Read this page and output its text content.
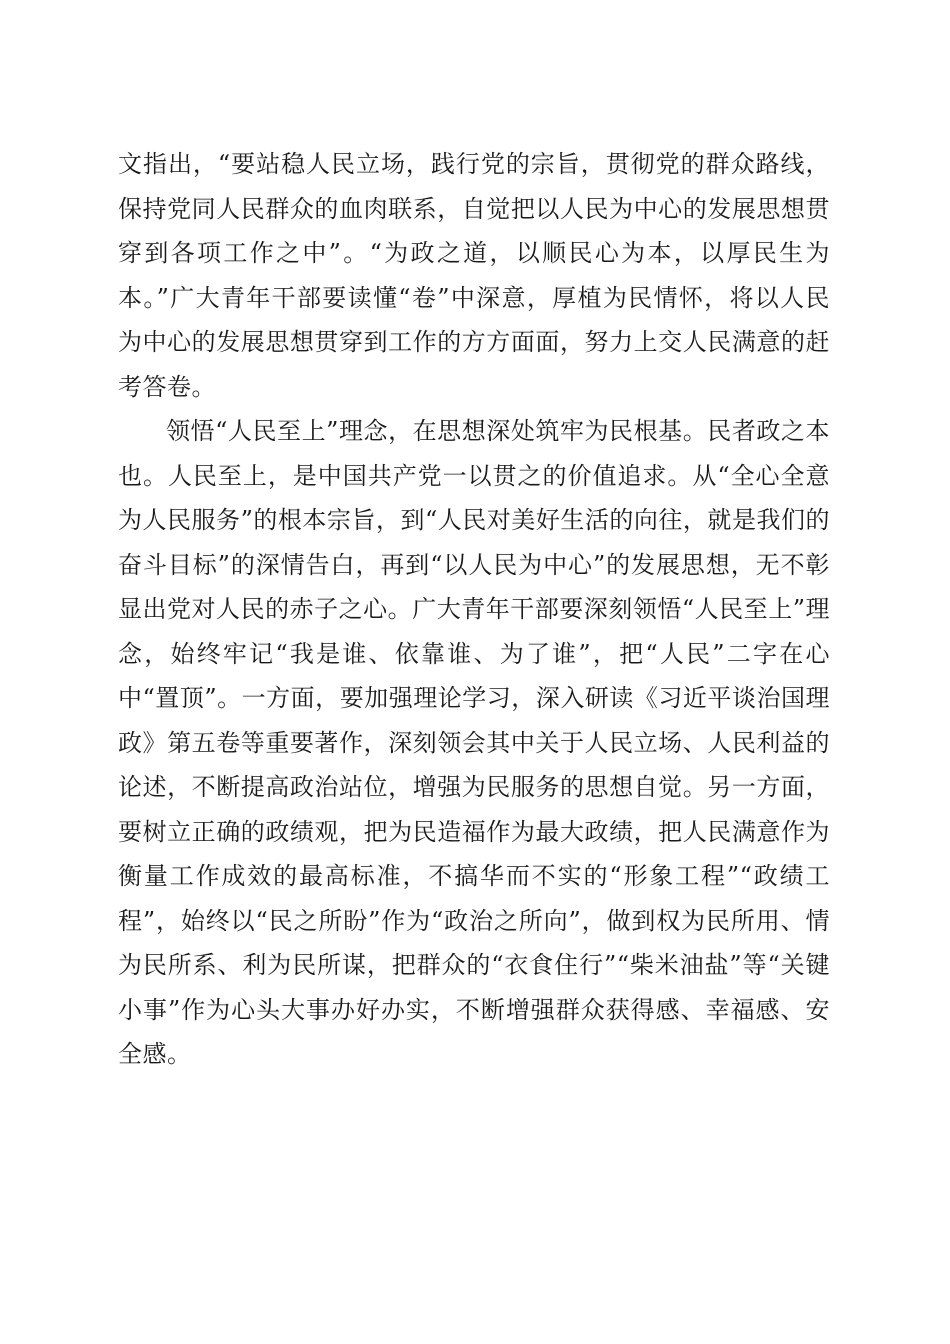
文指出，“要站稳人民立场，践行党的宗旨，贯彻党的群众路线，保持党同人民群众的血肉联系，自觉把以人民为中心的发展思想贯穿到各项工作之中”。“为政之道，以顺民心为本，以厚民生为本。”广大青年干部要读懂“卷”中深意，厚植为民情怀，将以人民为中心的发展思想贯穿到工作的方方面面，努力上交人民满意的赶考答卷。

领悟“人民至上”理念，在思想深处筑牢为民根基。民者政之本也。人民至上，是中国共产党一以贯之的价值追求。从“全心全意为人民服务”的根本宗旨，到“人民对美好生活的向往，就是我们的奋斗目标”的深情告白，再到“以人民为中心”的发展思想，无不彰显出党对人民的赤子之心。广大青年干部要深刻领悟“人民至上”理念，始终牢记“我是谁、依靠谁、为了谁”，把“人民”二字在心中“置顶”。一方面，要加强理论学习，深入研读《习近平谈治国理政》第五卷等重要著作，深刻领会其中关于人民立场、人民利益的论述，不断提高政治站位，增强为民服务的思想自觉。另一方面，要树立正确的政绩观，把为民造福作为最大政绩，把人民满意作为衡量工作成效的最高标准，不搞华而不实的“形象工程”“政绩工程”，始终以“民之所盼”作为“政治之所向”，做到权为民所用、情为民所系、利为民所谋，把群众的“衣食住行”“柴米油盐”等“关键小事”作为心头大事办好办实，不断增强群众获得感、幸福感、安全感。
